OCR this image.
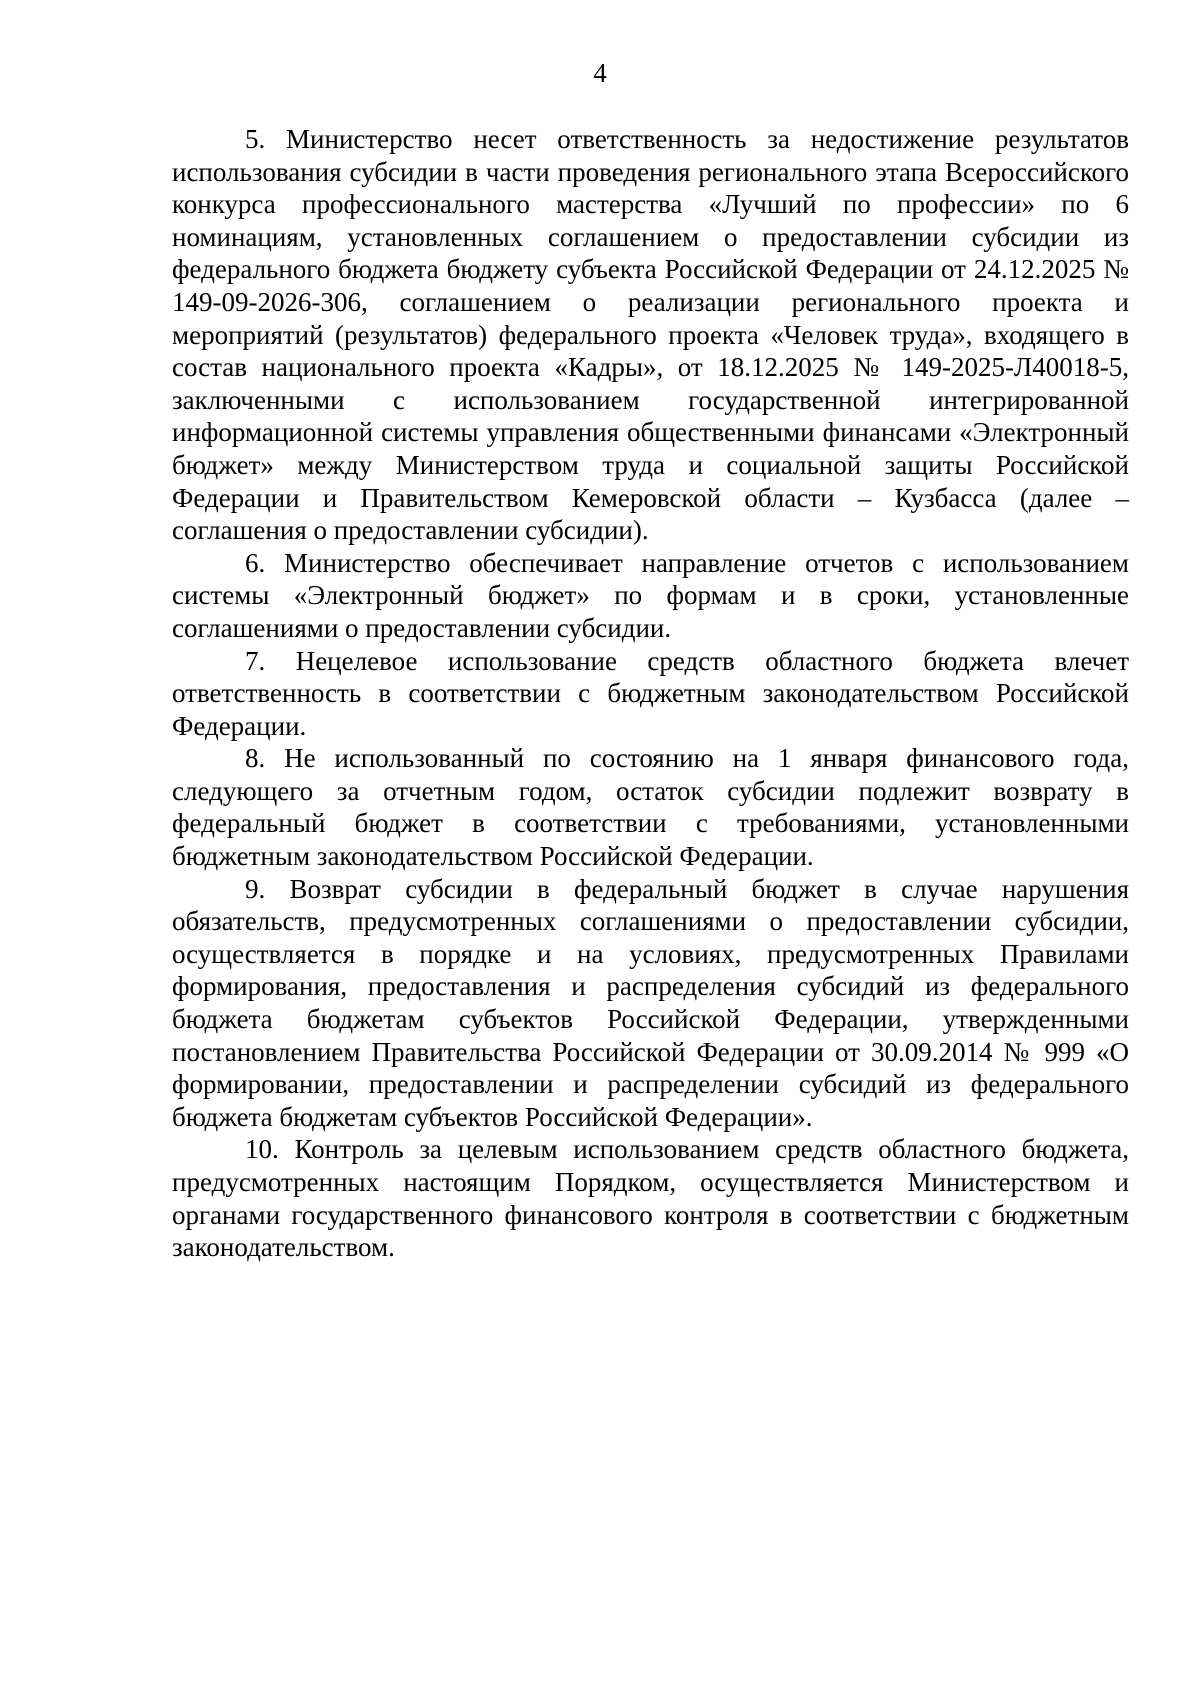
4

5. Министерство несет ответственность за недостижение результатов использования субсидии в части проведения регионального этапа Всероссийского конкурса профессионального мастерства «Лучший по профессии» по 6 номинациям, установленных соглашением о предоставлении субсидии из федерального бюджета бюджету субъекта Российской Федерации от 24.12.2025 № 149-09-2026-306, соглашением о реализации регионального проекта и мероприятий (результатов) федерального проекта «Человек труда», входящего в состав национального проекта «Кадры», от 18.12.2025 № 149-2025-Л40018-5, заключенными с использованием государственной интегрированной информационной системы управления общественными финансами «Электронный бюджет» между Министерством труда и социальной защиты Российской Федерации и Правительством Кемеровской области – Кузбасса (далее – соглашения о предоставлении субсидии).

6. Министерство обеспечивает направление отчетов с использованием системы «Электронный бюджет» по формам и в сроки, установленные соглашениями о предоставлении субсидии.

7. Нецелевое использование средств областного бюджета влечет ответственность в соответствии с бюджетным законодательством Российской Федерации.

8. Не использованный по состоянию на 1 января финансового года, следующего за отчетным годом, остаток субсидии подлежит возврату в федеральный бюджет в соответствии с требованиями, установленными бюджетным законодательством Российской Федерации.

9. Возврат субсидии в федеральный бюджет в случае нарушения обязательств, предусмотренных соглашениями о предоставлении субсидии, осуществляется в порядке и на условиях, предусмотренных Правилами формирования, предоставления и распределения субсидий из федерального бюджета бюджетам субъектов Российской Федерации, утвержденными постановлением Правительства Российской Федерации от 30.09.2014 № 999 «О формировании, предоставлении и распределении субсидий из федерального бюджета бюджетам субъектов Российской Федерации».

10. Контроль за целевым использованием средств областного бюджета, предусмотренных настоящим Порядком, осуществляется Министерством и органами государственного финансового контроля в соответствии с бюджетным законодательством.
